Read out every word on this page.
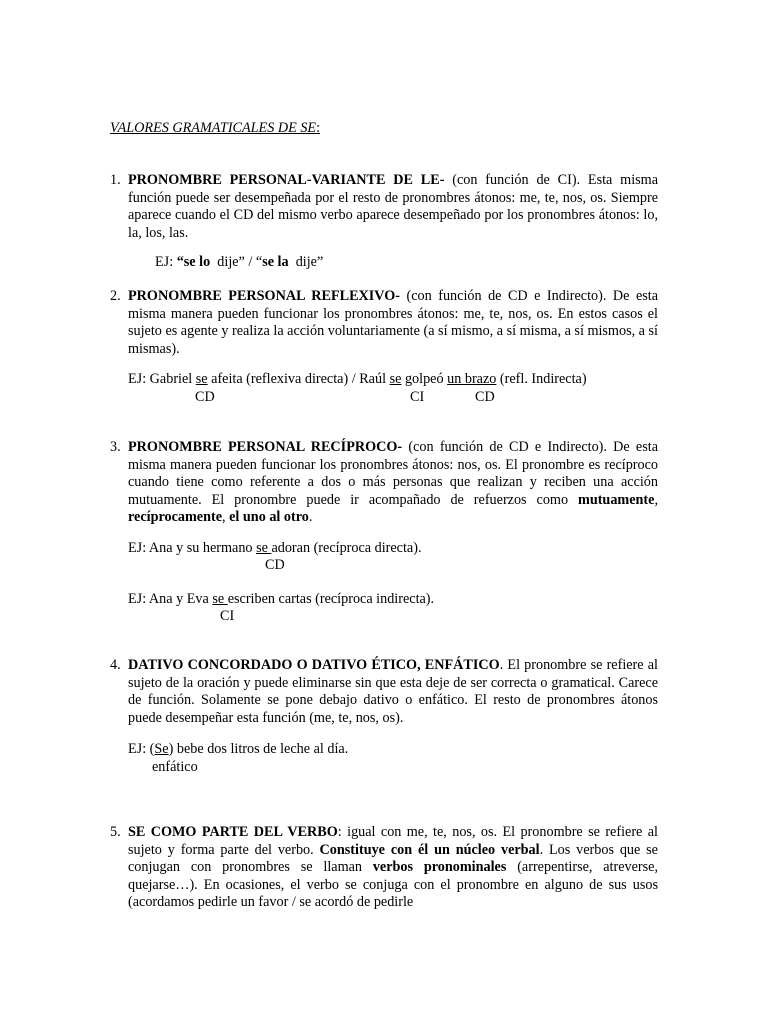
VALORES GRAMATICALES DE SE:
1. PRONOMBRE PERSONAL-VARIANTE DE LE- (con función de CI). Esta misma función puede ser desempeñada por el resto de pronombres átonos: me, te, nos, os. Siempre aparece cuando el CD del mismo verbo aparece desempeñado por los pronombres átonos: lo, la, los, las.
EJ: “se lo  dije” / “se la  dije”
2. PRONOMBRE PERSONAL REFLEXIVO- (con función de CD e Indirecto). De esta misma manera pueden funcionar los pronombres átonos: me, te, nos, os. En estos casos el sujeto es agente y realiza la acción voluntariamente (a sí mismo, a sí misma, a sí mismos, a sí mismas).
EJ: Gabriel se afeita (reflexiva directa) / Raúl se golpeó un brazo (refl. Indirecta)
CD	CI	CD
3. PRONOMBRE PERSONAL RECÍPROCO- (con función de CD e Indirecto). De esta misma manera pueden funcionar los pronombres átonos: nos, os. El pronombre es recíproco cuando tiene como referente a dos o más personas que realizan y reciben una acción mutuamente. El pronombre puede ir acompañado de refuerzos como mutuamente, recíprocamente, el uno al otro.
EJ: Ana y su hermano se adoran (recíproca directa).
CD
EJ: Ana y Eva se escriben cartas (recíproca indirecta).
CI
4. DATIVO CONCORDADO O DATIVO ÉTICO, ENFÁTICO. El pronombre se refiere al sujeto de la oración y puede eliminarse sin que esta deje de ser correcta o gramatical. Carece de función. Solamente se pone debajo dativo o enfático. El resto de pronombres átonos puede desempeñar esta función (me, te, nos, os).
EJ: (Se) bebe dos litros de leche al día.
enfático
5. SE COMO PARTE DEL VERBO: igual con me, te, nos, os. El pronombre se refiere al sujeto y forma parte del verbo. Constituye con él un núcleo verbal. Los verbos que se conjugan con pronombres se llaman verbos pronominales (arrepentirse, atreverse, quejarse…). En ocasiones, el verbo se conjuga con el pronombre en alguno de sus usos (acordamos pedirle un favor / se acordó de pedirle
